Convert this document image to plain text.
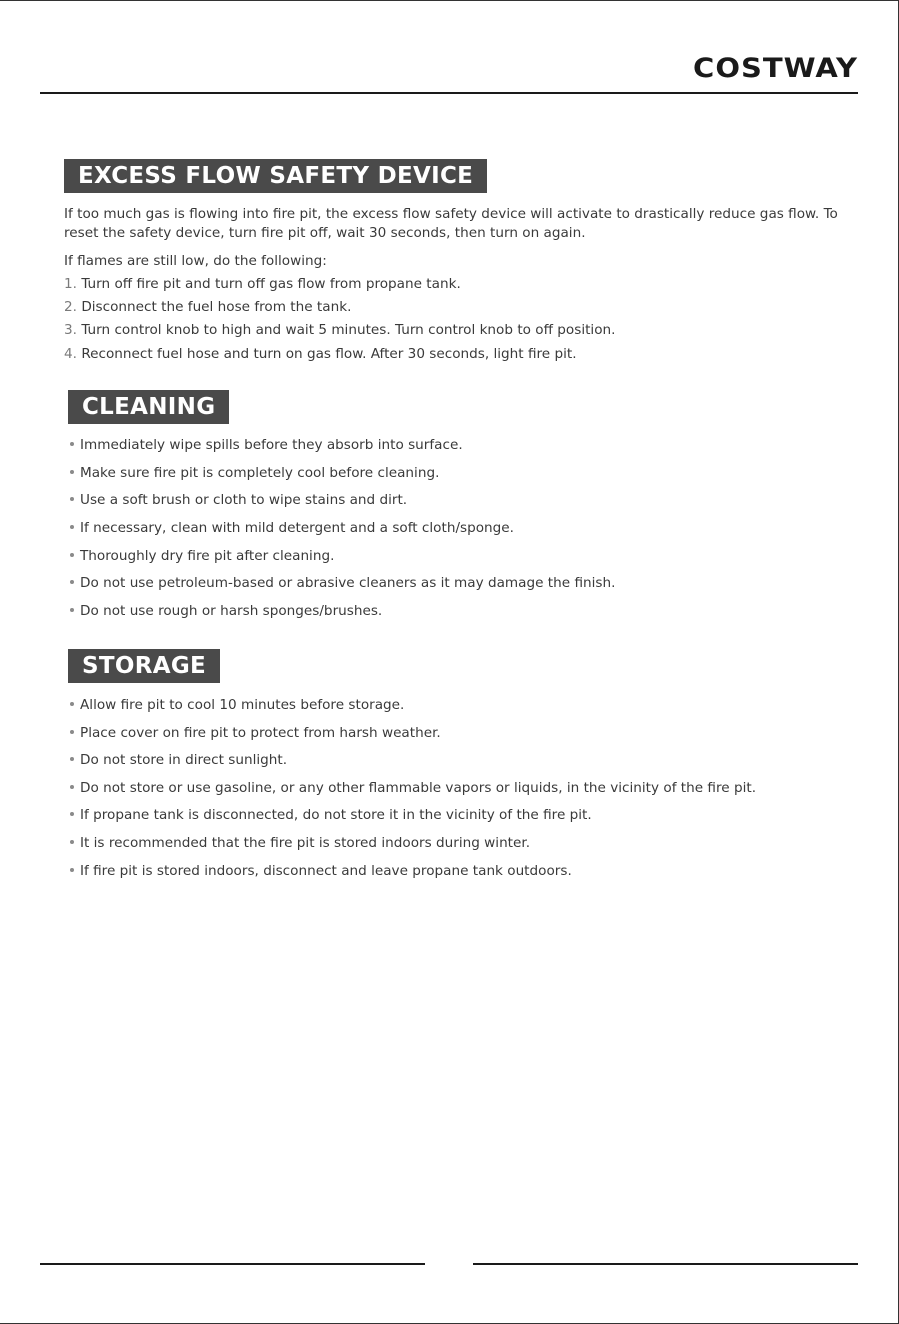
COSTWAY
EXCESS FLOW SAFETY DEVICE

If too much gas is flowing into fire pit, the excess flow safety device will activate to drastically reduce gas flow. To reset the safety device, turn fire pit off, wait 30 seconds, then turn on again.

If flames are still low, do the following:
1. Turn off fire pit and turn off gas flow from propane tank.
2. Disconnect the fuel hose from the tank.
3. Turn control knob to high and wait 5 minutes. Turn control knob to off position.
4. Reconnect fuel hose and turn on gas flow. After 30 seconds, light fire pit.
CLEANING
Immediately wipe spills before they absorb into surface.
Make sure fire pit is completely cool before cleaning.
Use a soft brush or cloth to wipe stains and dirt.
If necessary, clean with mild detergent and a soft cloth/sponge.
Thoroughly dry fire pit after cleaning.
Do not use petroleum-based or abrasive cleaners as it may damage the finish.
Do not use rough or harsh sponges/brushes.
STORAGE
Allow fire pit to cool 10 minutes before storage.
Place cover on fire pit to protect from harsh weather.
Do not store in direct sunlight.
Do not store or use gasoline, or any other flammable vapors or liquids, in the vicinity of the fire pit.
If propane tank is disconnected, do not store it in the vicinity of the fire pit.
It is recommended that the fire pit is stored indoors during winter.
If fire pit is stored indoors, disconnect and leave propane tank outdoors.
